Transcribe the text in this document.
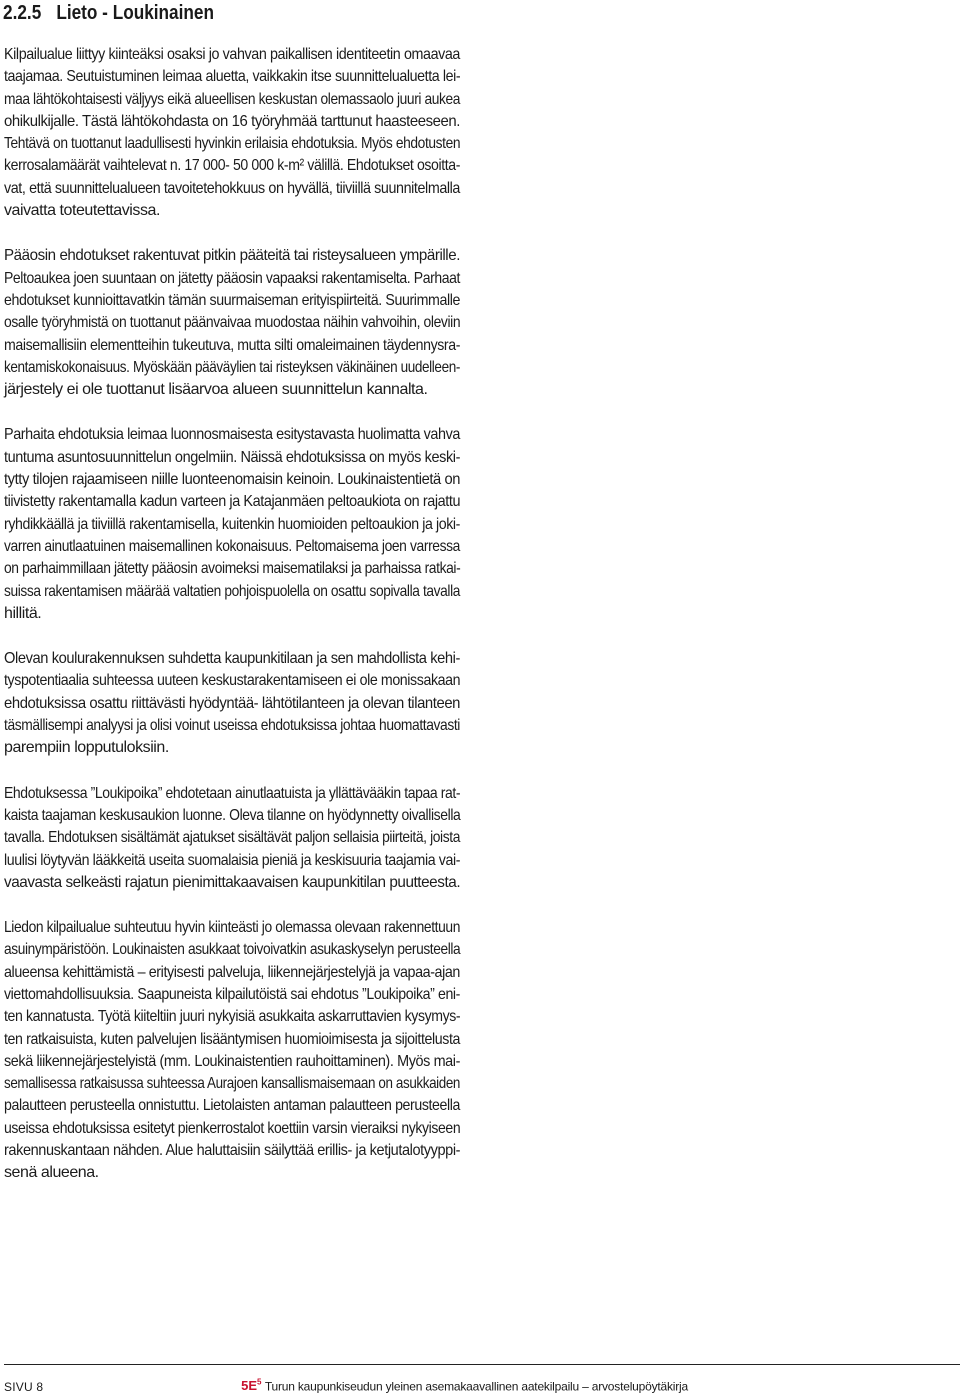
2.2.5 Lieto - Loukinainen
Kilpailualue liittyy kiinteäksi osaksi jo vahvan paikallisen identiteetin omaavaa
taajamaa. Seutuistuminen leimaa aluetta, vaikkakin itse suunnittelualuetta lei-
maa lähtökohtaisesti väljyys eikä alueellisen keskustan olemassaolo juuri aukea
ohikulkijalle. Tästä lähtökohdasta on 16 työryhmää tarttunut haasteeseen.
Tehtävä on tuottanut laadullisesti hyvinkin erilaisia ehdotuksia. Myös ehdotusten
kerrosalamäärät vaihtelevat n. 17 000- 50 000 k-m² välillä. Ehdotukset osoitta-
vat, että suunnittelualueen tavoitetehokkuus on hyvällä, tiiviillä suunnitelmalla
vaivatta toteutettavissa.
Pääosin ehdotukset rakentuvat pitkin pääteitä tai risteysalueen ympärille.
Peltoaukea joen suuntaan on jätetty pääosin vapaaksi rakentamiselta. Parhaat
ehdotukset kunnioittavatkin tämän suurmaiseman erityispiirteitä. Suurimmalle
osalle työryhmistä on tuottanut päänvaivaa muodostaa näihin vahvoihin, oleviin
maisemallisiin elementteihin tukeutuva, mutta silti omaleimainen täydennysra-
kentamiskokonaisuus. Myöskään pääväylien tai risteyksen väkinäinen uudelleen-
järjestely ei ole tuottanut lisäarvoa alueen suunnittelun kannalta.
Parhaita ehdotuksia leimaa luonnosmaisesta esitystavasta huolimatta vahva
tuntuma asuntosuunnittelun ongelmiin. Näissä ehdotuksissa on myös keski-
tytty tilojen rajaamiseen niille luonteenomaisin keinoin. Loukinaistentietä on
tiivistetty rakentamalla kadun varteen ja Katajanmäen peltoaukiota on rajattu
ryhdikkäällä ja tiiviillä rakentamisella, kuitenkin huomioiden peltoaukion ja joki-
varren ainutlaatuinen maisemallinen kokonaisuus. Peltomaisema joen varressa
on parhaimmillaan jätetty pääosin avoimeksi maisematilaksi ja parhaissa ratkai-
suissa rakentamisen määrää valtatien pohjoispuolella on osattu sopivalla tavalla
hillitä.
Olevan koulurakennuksen suhdetta kaupunkitilaan ja sen mahdollista kehi-
tyspotentiaalia suhteessa uuteen keskustarakentamiseen ei ole monissakaan
ehdotuksissa osattu riittävästi hyödyntää- lähtötilanteen ja olevan tilanteen
täsmällisempi analyysi ja olisi voinut useissa ehdotuksissa johtaa huomattavasti
parempiin lopputuloksiin.
Ehdotuksessa ”Loukipoika” ehdotetaan ainutlaatuista ja yllättävääkin tapaa rat-
kaista taajaman keskusaukion luonne. Oleva tilanne on hyödynnetty oivallisella
tavalla. Ehdotuksen sisältämät ajatukset sisältävät paljon sellaisia piirteitä, joista
luulisi löytyvän lääkkeitä useita suomalaisia pieniä ja keskisuuria taajamia vai-
vaavasta selkeästi rajatun pienimittakaavaisen kaupunkitilan puutteesta.
Liedon kilpailualue suhteutuu hyvin kiinteästi jo olemassa olevaan rakennettuun
asuinympäristöön. Loukinaisten asukkaat toivoivatkin asukaskyselyn perusteella
alueensa kehittämistä – erityisesti palveluja, liikennejärjestelyjä ja vapaa-ajan
viettomahdollisuuksia. Saapuneista kilpailutöistä sai ehdotus ”Loukipoika” eni-
ten kannatusta. Työtä kiiteltiin juuri nykyisiä asukkaita askarruttavien kysymys-
ten ratkaisuista, kuten palvelujen lisääntymisen huomioimisesta ja sijoittelusta
sekä liikennejärjestelyistä (mm. Loukinaistentien rauhoittaminen). Myös mai-
semallisessa ratkaisussa suhteessa Aurajoen kansallismaisemaan on asukkaiden
palautteen perusteella onnistuttu. Lietolaisten antaman palautteen perusteella
useissa ehdotuksissa esitetyt pienkerrostalot koettiin varsin vieraiksi nykyiseen
rakennuskantaan nähden. Alue haluttaisiin säilyttää erillis- ja ketjutalotyyppi-
senä alueena.
SIVU 8	$5E^5$ Turun kaupunkiseudun yleinen asemakaavallinen aatekilpailu – arvostelupöytäkirja
